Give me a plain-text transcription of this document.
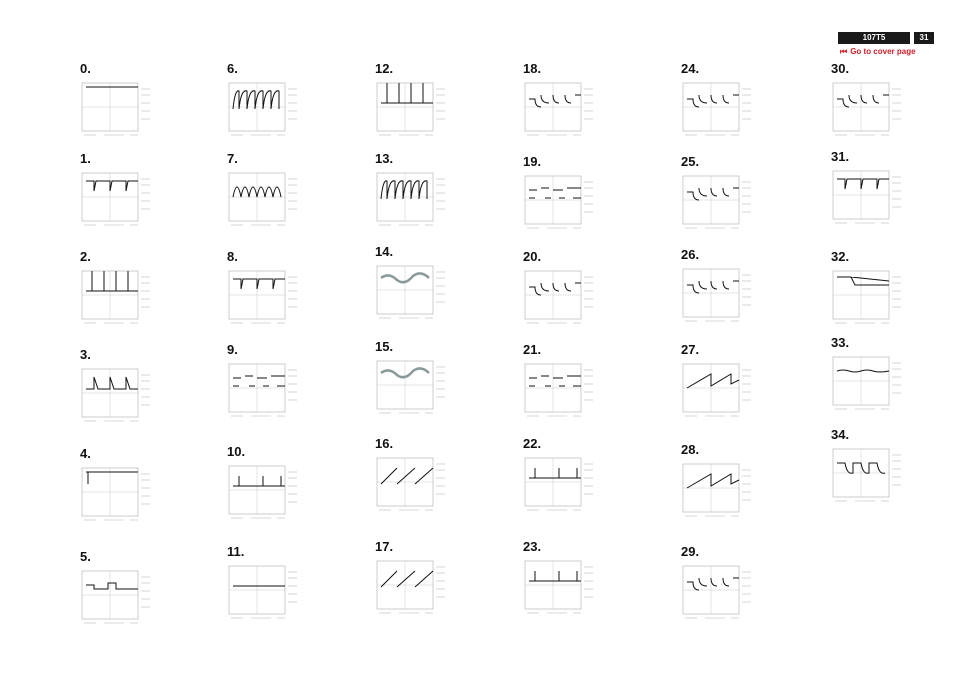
107T5	31
⏮ Go to cover page
0.
1.
2.
3.
4.
5.
6.
7.
8.
9.
10.
11.
12.
13.
14.
15.
16.
17.
18.
19.
20.
21.
22.
23.
24.
25.
26.
27.
28.
29.
30.
31.
32.
33.
34.
